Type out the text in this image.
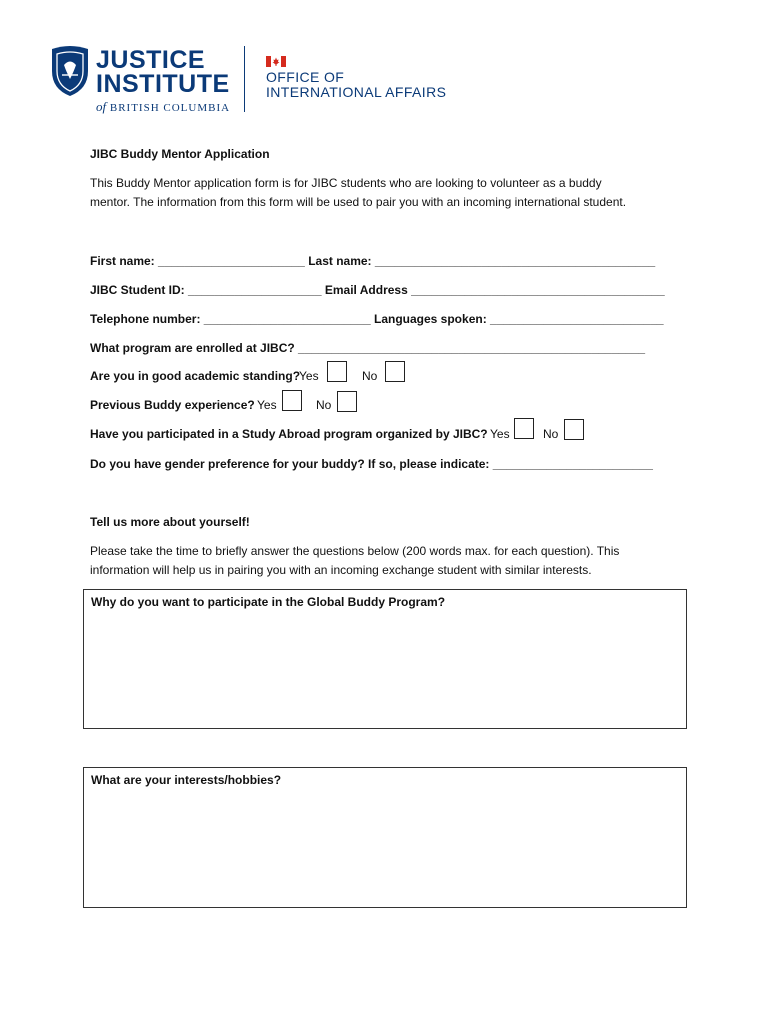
JUSTICE
INSTITUTE
of BRITISH COLUMBIA
OFFICE OF
INTERNATIONAL AFFAIRS
JIBC Buddy Mentor Application
This Buddy Mentor application form is for JIBC students who are looking to volunteer as a buddy
mentor. The information from this form will be used to pair you with an incoming international student.
First name: ______________________ Last name: __________________________________________
JIBC Student ID: ____________________ Email Address ______________________________________
Telephone number: _________________________ Languages spoken: __________________________
What program are enrolled at JIBC? ____________________________________________________
Are you in good academic standing?
Yes	No
Previous Buddy experience? Yes	No
Have you participated in a Study Abroad program organized by JIBC? Yes	No
Do you have gender preference for your buddy? If so, please indicate: ________________________
Tell us more about yourself!
Please take the time to briefly answer the questions below (200 words max. for each question). This
information will help us in pairing you with an incoming exchange student with similar interests.
Why do you want to participate in the Global Buddy Program?
What are your interests/hobbies?
